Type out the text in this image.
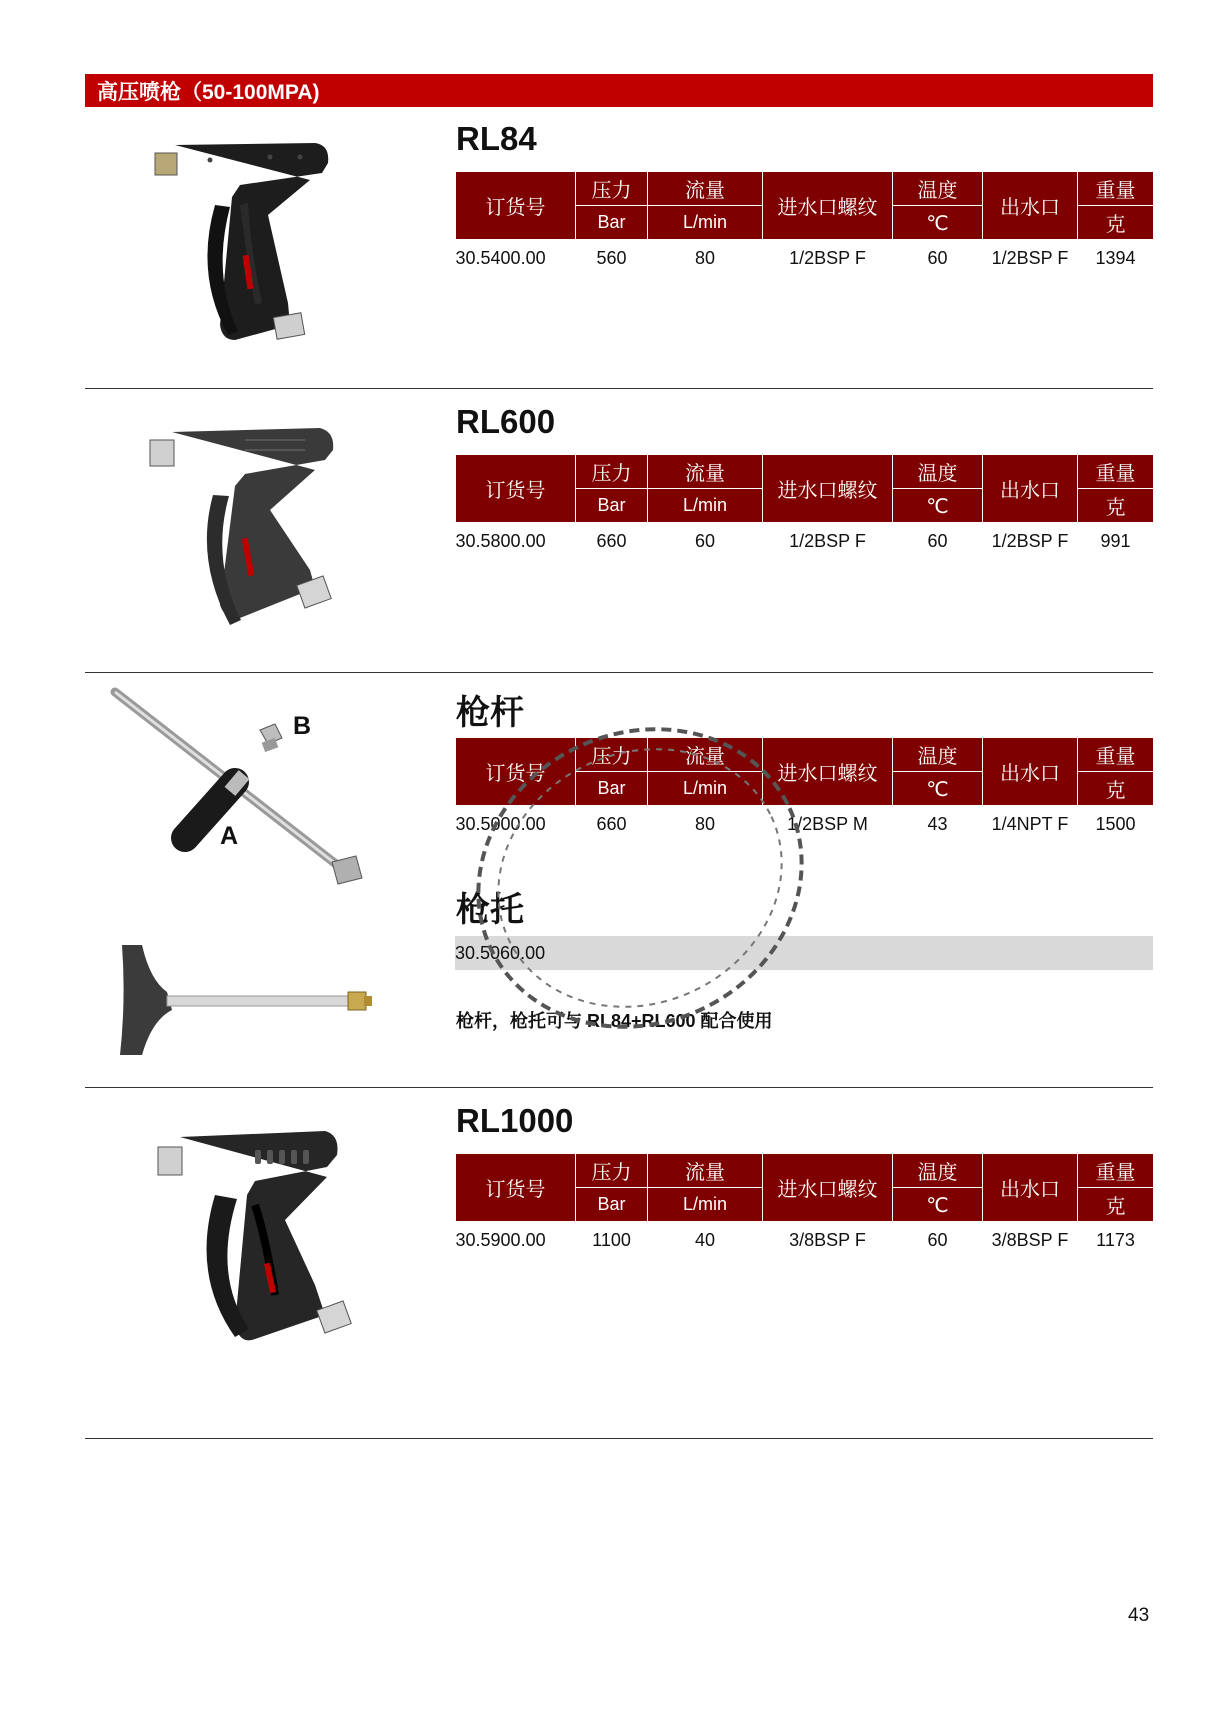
高压喷枪（50-100MPA)
RL84
订货号	压力	流量	进水口螺纹	温度	出水口	重量
	Bar	L/min		℃		克
30.5400.00	560	80	1/2BSP F	60	1/2BSP F	1394
RL600
订货号	压力	流量	进水口螺纹	温度	出水口	重量
	Bar	L/min		℃		克
30.5800.00	660	60	1/2BSP F	60	1/2BSP F	991
B
A
枪杆
订货号	压力	流量	进水口螺纹	温度	出水口	重量
	Bar	L/min		℃		克
30.5000.00	660	80	1/2BSP M	43	1/4NPT F	1500
枪托
30.5060.00
枪杆，枪托可与 RL84+RL600 配合使用
RL1000
订货号	压力	流量	进水口螺纹	温度	出水口	重量
	Bar	L/min		℃		克
30.5900.00	1100	40	3/8BSP F	60	3/8BSP F	1173
43
